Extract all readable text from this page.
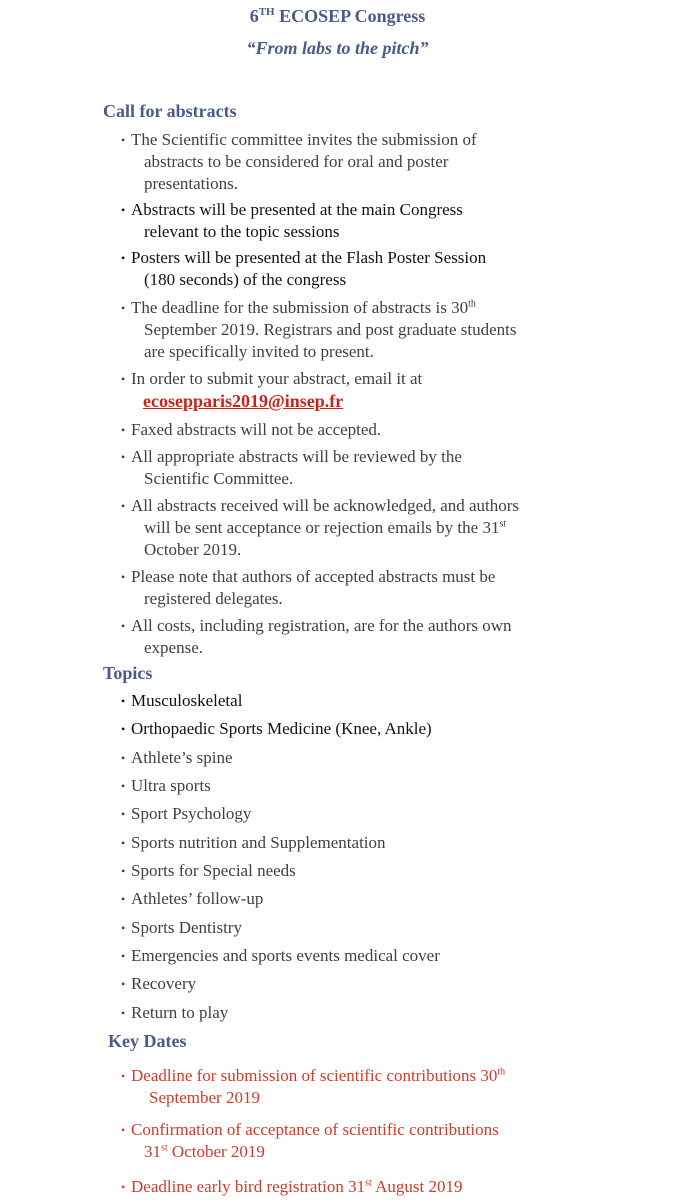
6TH ECOSEP Congress
“From labs to the pitch”
Call for abstracts
• The Scientific committee invites the submission of
abstracts to be considered for oral and poster
presentations.
• Abstracts will be presented at the main Congress
relevant to the topic sessions
• Posters will be presented at the Flash Poster Session
(180 seconds) of the congress
• The deadline for the submission of abstracts is 30th
September 2019. Registrars and post graduate students
are specifically invited to present.
• In order to submit your abstract, email it at
ecosepparis2019@insep.fr
• Faxed abstracts will not be accepted.
• All appropriate abstracts will be reviewed by the
Scientific Committee.
• All abstracts received will be acknowledged, and authors
will be sent acceptance or rejection emails by the 31st
October 2019.
• Please note that authors of accepted abstracts must be
registered delegates.
• All costs, including registration, are for the authors own
expense.
Topics
• Musculoskeletal
• Orthopaedic Sports Medicine (Knee, Ankle)
• Athlete’s spine
• Ultra sports
• Sport Psychology
• Sports nutrition and Supplementation
• Sports for Special needs
• Athletes’ follow-up
• Sports Dentistry
• Emergencies and sports events medical cover
• Recovery
• Return to play
Key Dates
• Deadline for submission of scientific contributions 30th
September 2019
• Confirmation of acceptance of scientific contributions
31st October 2019
• Deadline early bird registration 31st August 2019
